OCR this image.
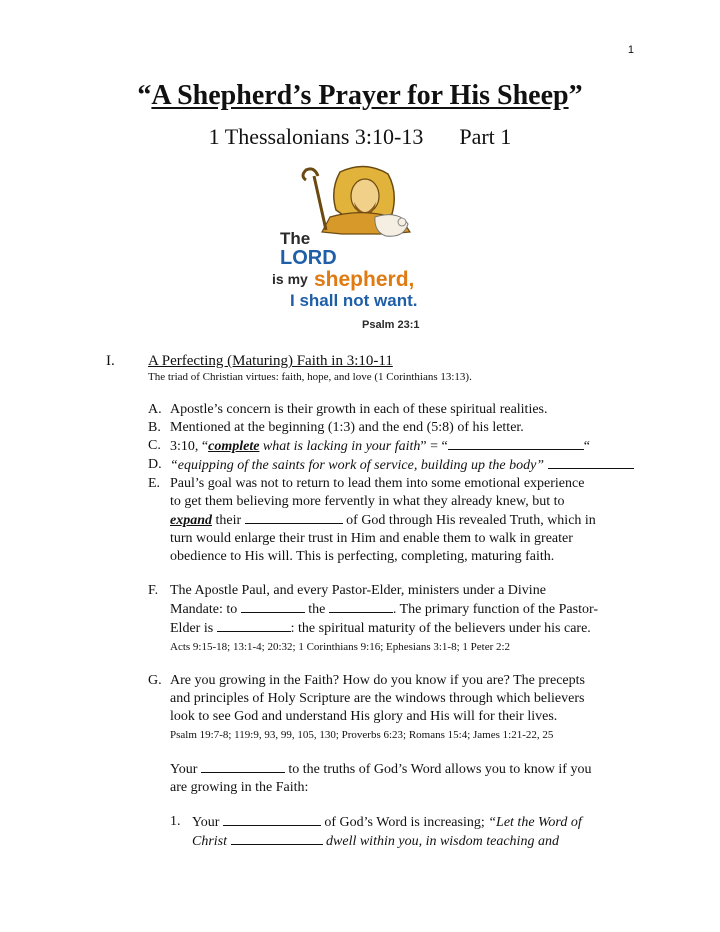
1
“A Shepherd’s Prayer for His Sheep”
1 Thessalonians 3:10-13 Part 1
The
LORD
is my shepherd,
I shall not want.
Psalm 23:1
I.	A Perfecting (Maturing) Faith in 3:10-11
The triad of Christian virtues: faith, hope, and love (1 Corinthians 13:13).
A. Apostle’s concern is their growth in each of these spiritual realities.
B. Mentioned at the beginning (1:3) and the end (5:8) of his letter.
C. 3:10, “complete what is lacking in your faith” = “	“
D. “equipping of the saints for work of service, building up the body”
E. Paul’s goal was not to return to lead them into some emotional experience
to get them believing more fervently in what they already knew, but to
expand their	of God through His revealed Truth, which in
turn would enlarge their trust in Him and enable them to walk in greater
obedience to His will. This is perfecting, completing, maturing faith.
F. The Apostle Paul, and every Pastor-Elder, ministers under a Divine
Mandate: to	the	. The primary function of the Pastor-
Elder is	: the spiritual maturity of the believers under his care.
Acts 9:15-18; 13:1-4; 20:32; 1 Corinthians 9:16; Ephesians 3:1-8; 1 Peter 2:2
G. Are you growing in the Faith? How do you know if you are? The precepts
and principles of Holy Scripture are the windows through which believers
look to see God and understand His glory and His will for their lives.
Psalm 19:7-8; 119:9, 93, 99, 105, 130; Proverbs 6:23; Romans 15:4; James 1:21-22, 25
Your	to the truths of God’s Word allows you to know if you
are growing in the Faith:
1. Your	of God’s Word is increasing; “Let the Word of
Christ	dwell within you, in wisdom teaching and
